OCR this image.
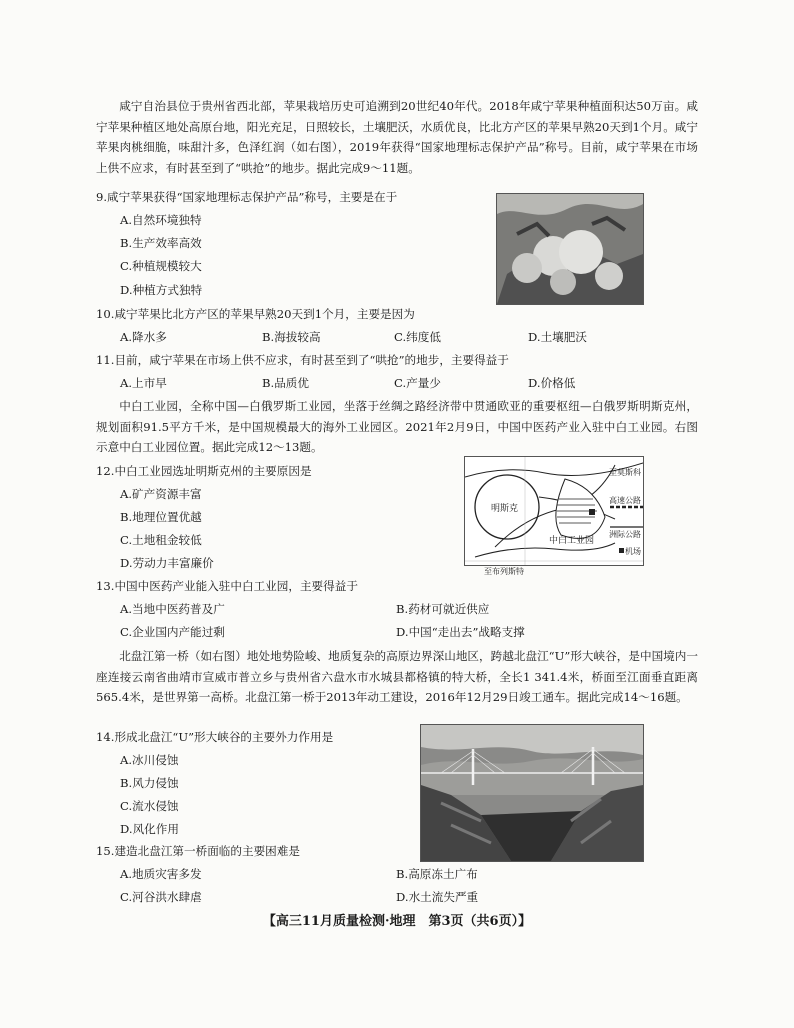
咸宁自治县位于贵州省西北部，苹果栽培历史可追溯到20世纪40年代。2018年咸宁苹果种植面积达50万亩。咸宁苹果种植区地处高原台地，阳光充足，日照较长，土壤肥沃，水质优良，比北方产区的苹果早熟20天到1个月。咸宁苹果肉桃细脆，味甜汁多，色泽红润（如右图），2019年获得“国家地理标志保护产品”称号。目前，咸宁苹果在市场上供不应求，有时甚至到了“哄抢”的地步。据此完成9～11题。
9.咸宁苹果获得“国家地理标志保护产品”称号，主要是在于
A.自然环境独特
B.生产效率高效
C.种植规模较大
D.种植方式独特
10.咸宁苹果比北方产区的苹果早熟20天到1个月，主要是因为
A.降水多	B.海拔较高	C.纬度低	D.土壤肥沃
11.目前，咸宁苹果在市场上供不应求，有时甚至到了“哄抢”的地步，主要得益于
A.上市早	B.品质优	C.产量少	D.价格低
中白工业园，全称中国—白俄罗斯工业园，坐落于丝绸之路经济带中贯通欧亚的重要枢纽—白俄罗斯明斯克州，规划面积91.5平方千米，是中国规模最大的海外工业园区。2021年2月9日，中国中医药产业入驻中白工业园。右图示意中白工业园位置。据此完成12～13题。
明斯克
中白工业园
至莫斯科
高速公路
洲际公路
机场
至布列斯特
12.中白工业园选址明斯克州的主要原因是
A.矿产资源丰富
B.地理位置优越
C.土地租金较低
D.劳动力丰富廉价
13.中国中医药产业能入驻中白工业园，主要得益于
A.当地中医药普及广	B.药材可就近供应
C.企业国内产能过剩	D.中国“走出去”战略支撑
北盘江第一桥（如右图）地处地势险峻、地质复杂的高原边界深山地区，跨越北盘江“U”形大峡谷，是中国境内一座连接云南省曲靖市宣威市普立乡与贵州省六盘水市水城县都格镇的特大桥，全长1 341.4米，桥面至江面垂直距离565.4米，是世界第一高桥。北盘江第一桥于2013年动工建设，2016年12月29日竣工通车。据此完成14～16题。
14.形成北盘江“U”形大峡谷的主要外力作用是
A.冰川侵蚀
B.风力侵蚀
C.流水侵蚀
D.风化作用
15.建造北盘江第一桥面临的主要困难是
A.地质灾害多发	B.高原冻土广布
C.河谷洪水肆虐	D.水土流失严重
【高三11月质量检测·地理　第3页（共6页）】
